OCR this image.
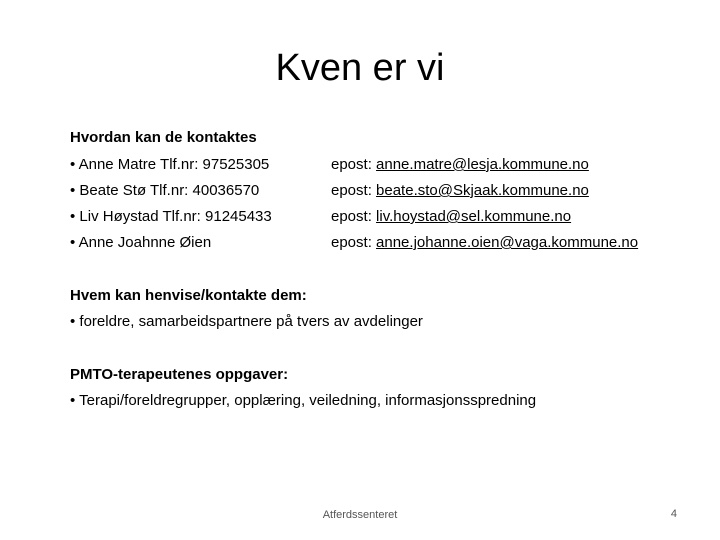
Kven er vi
Hvordan kan de kontaktes
• Anne Matre Tlf.nr: 97525305	epost: anne.matre@lesja.kommune.no
• Beate Stø Tlf.nr: 40036570	epost: beate.sto@Skjaak.kommune.no
• Liv Høystad Tlf.nr: 91245433	epost: liv.hoystad@sel.kommune.no
• Anne Joahnne Øien	epost: anne.johanne.oien@vaga.kommune.no
Hvem kan henvise/kontakte dem:
• foreldre, samarbeidspartnere på tvers av avdelinger
PMTO-terapeutenes oppgaver:
• Terapi/foreldregrupper, opplæring, veiledning, informasjonsspredning
Atferdssenteret	4
